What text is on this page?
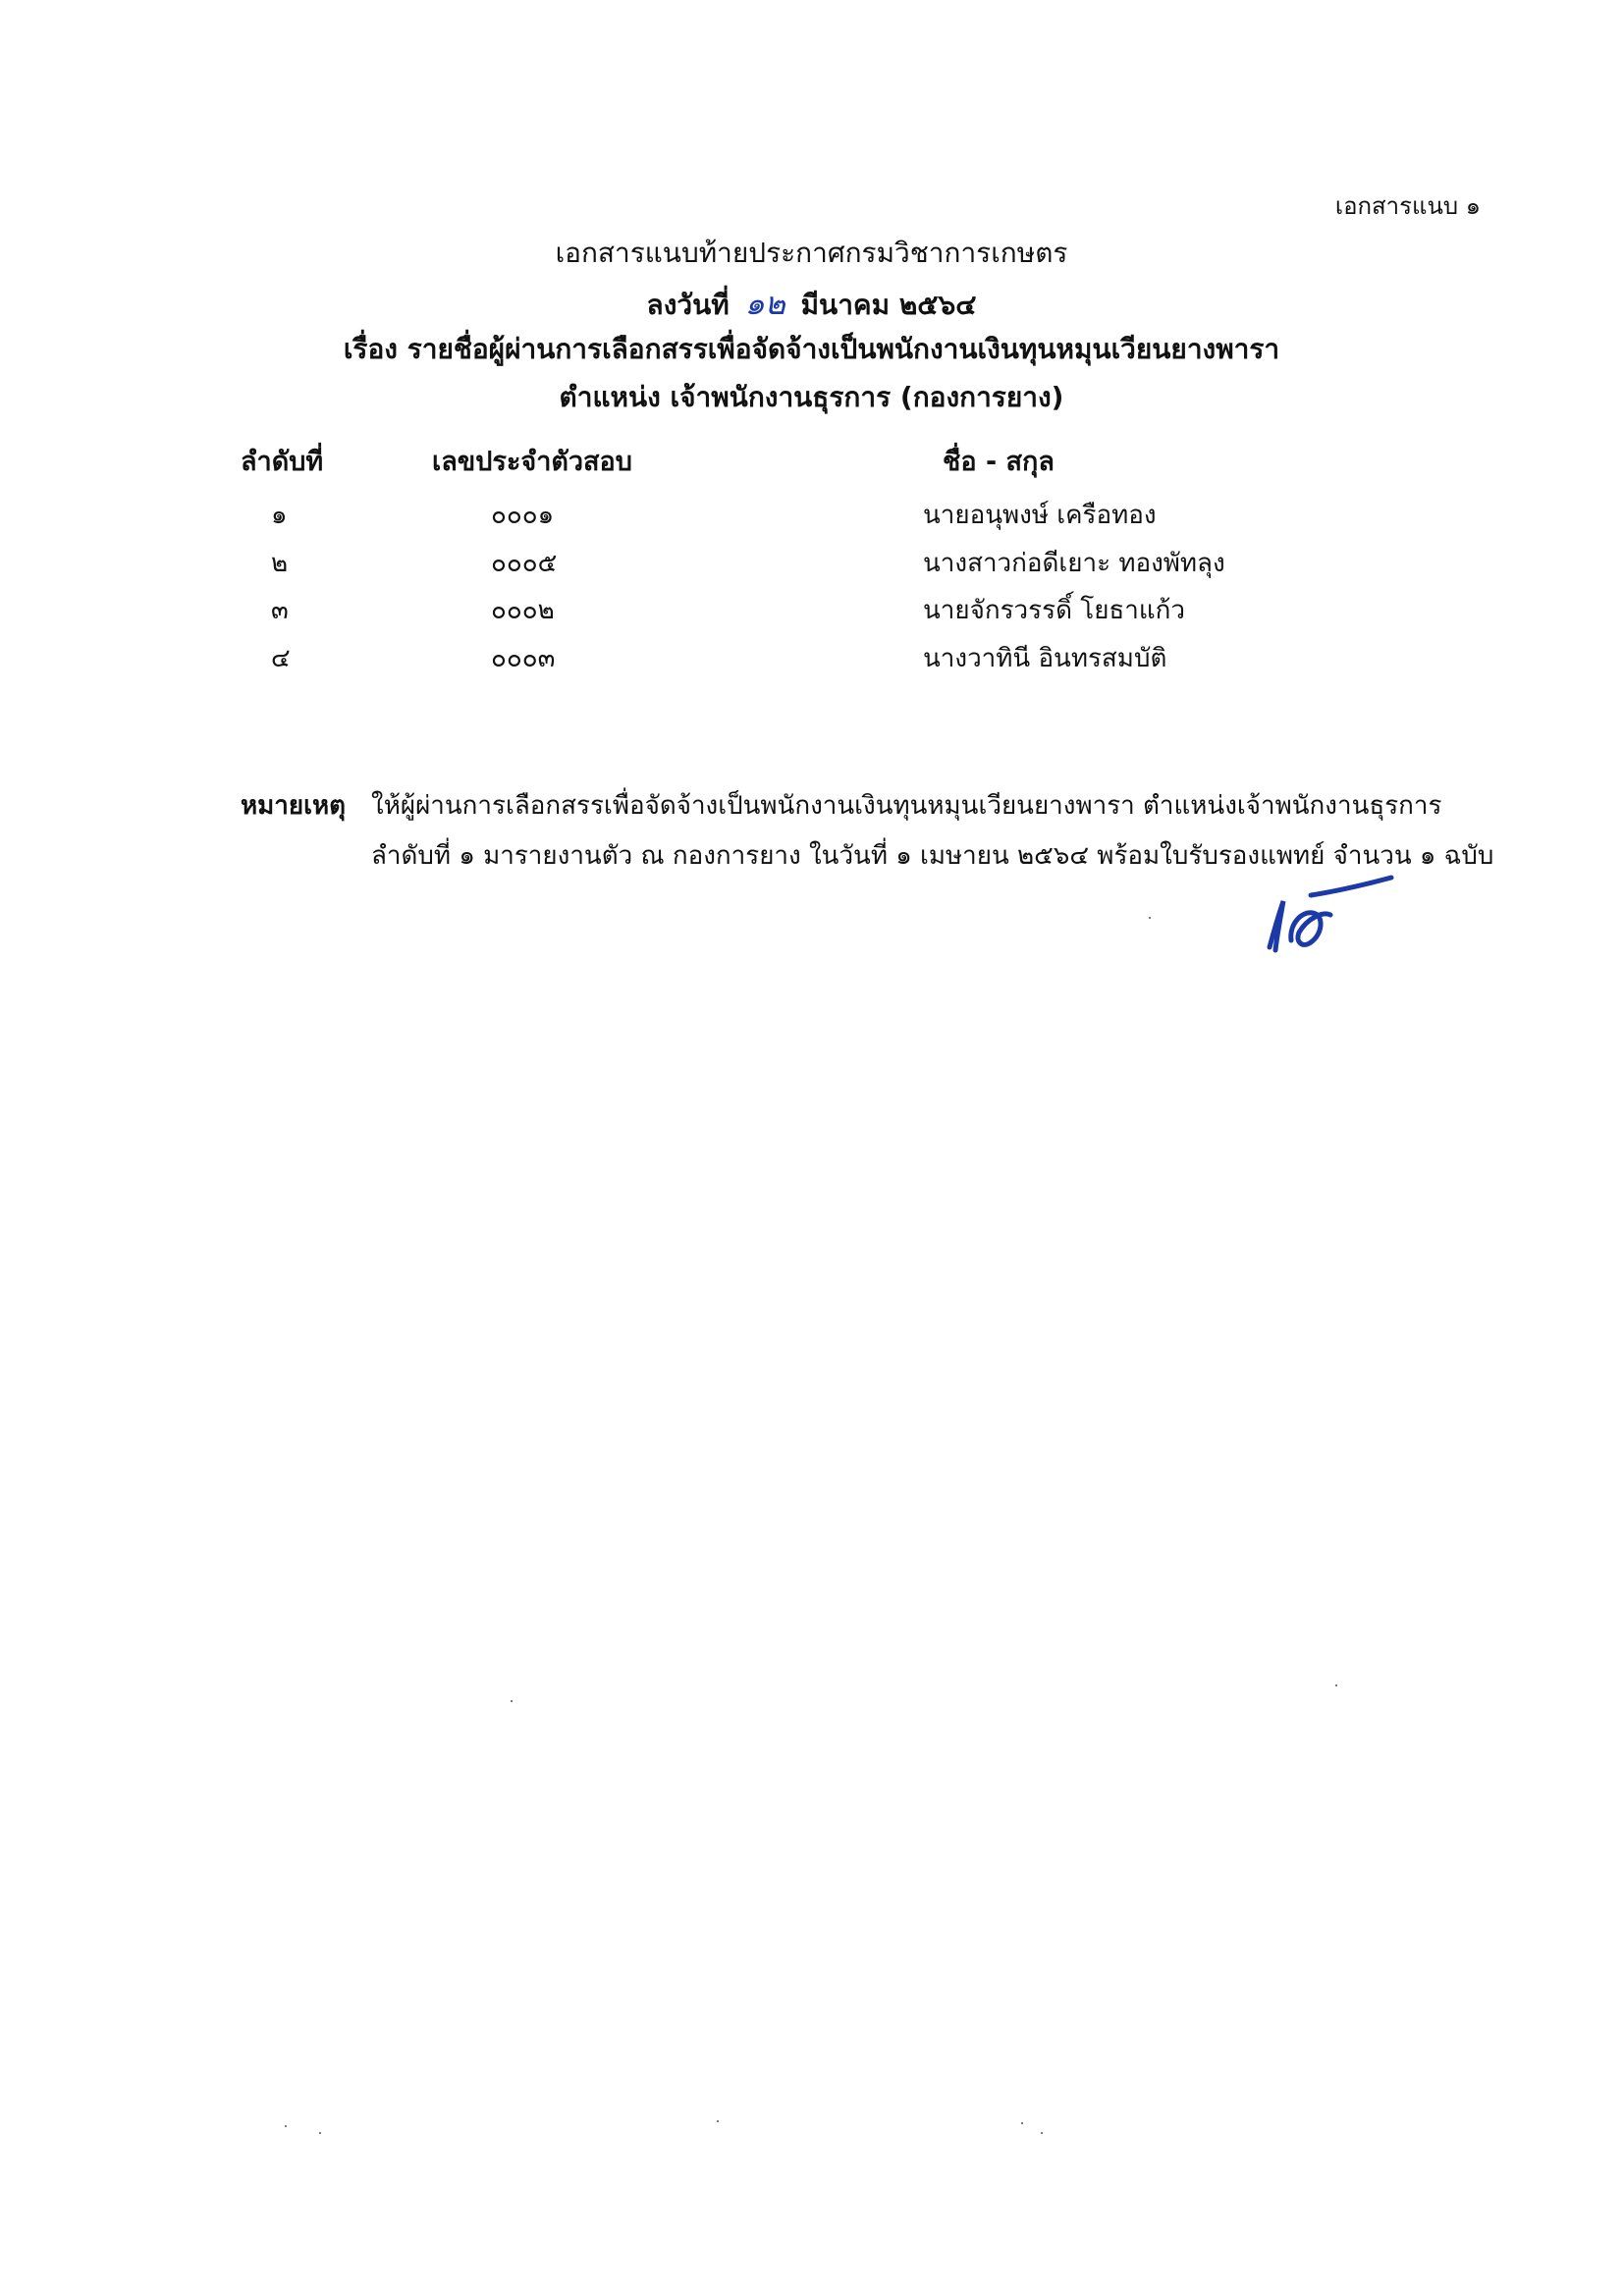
เอกสารแนบ ๑
เอกสารแนบท้ายประกาศกรมวิชาการเกษตร
ลงวันที่ ๑๒ มีนาคม ๒๕๖๔
เรื่อง รายชื่อผู้ผ่านการเลือกสรรเพื่อจัดจ้างเป็นพนักงานเงินทุนหมุนเวียนยางพารา
ตำแหน่ง เจ้าพนักงานธุรการ (กองการยาง)
ลำดับที่	เลขประจำตัวสอบ	ชื่อ - สกุล
๑	๐๐๐๑	นายอนุพงษ์ เครือทอง
๒	๐๐๐๕	นางสาวก่อดีเยาะ ทองพัทลุง
๓	๐๐๐๒	นายจักรวรรดิ์ โยธาแก้ว
๔	๐๐๐๓	นางวาทินี อินทรสมบัติ
หมายเหตุ ให้ผู้ผ่านการเลือกสรรเพื่อจัดจ้างเป็นพนักงานเงินทุนหมุนเวียนยางพารา ตำแหน่งเจ้าพนักงานธุรการ
ลำดับที่ ๑ มารายงานตัว ณ กองการยาง ในวันที่ ๑ เมษายน ๒๕๖๔ พร้อมใบรับรองแพทย์ จำนวน ๑ ฉบับ
